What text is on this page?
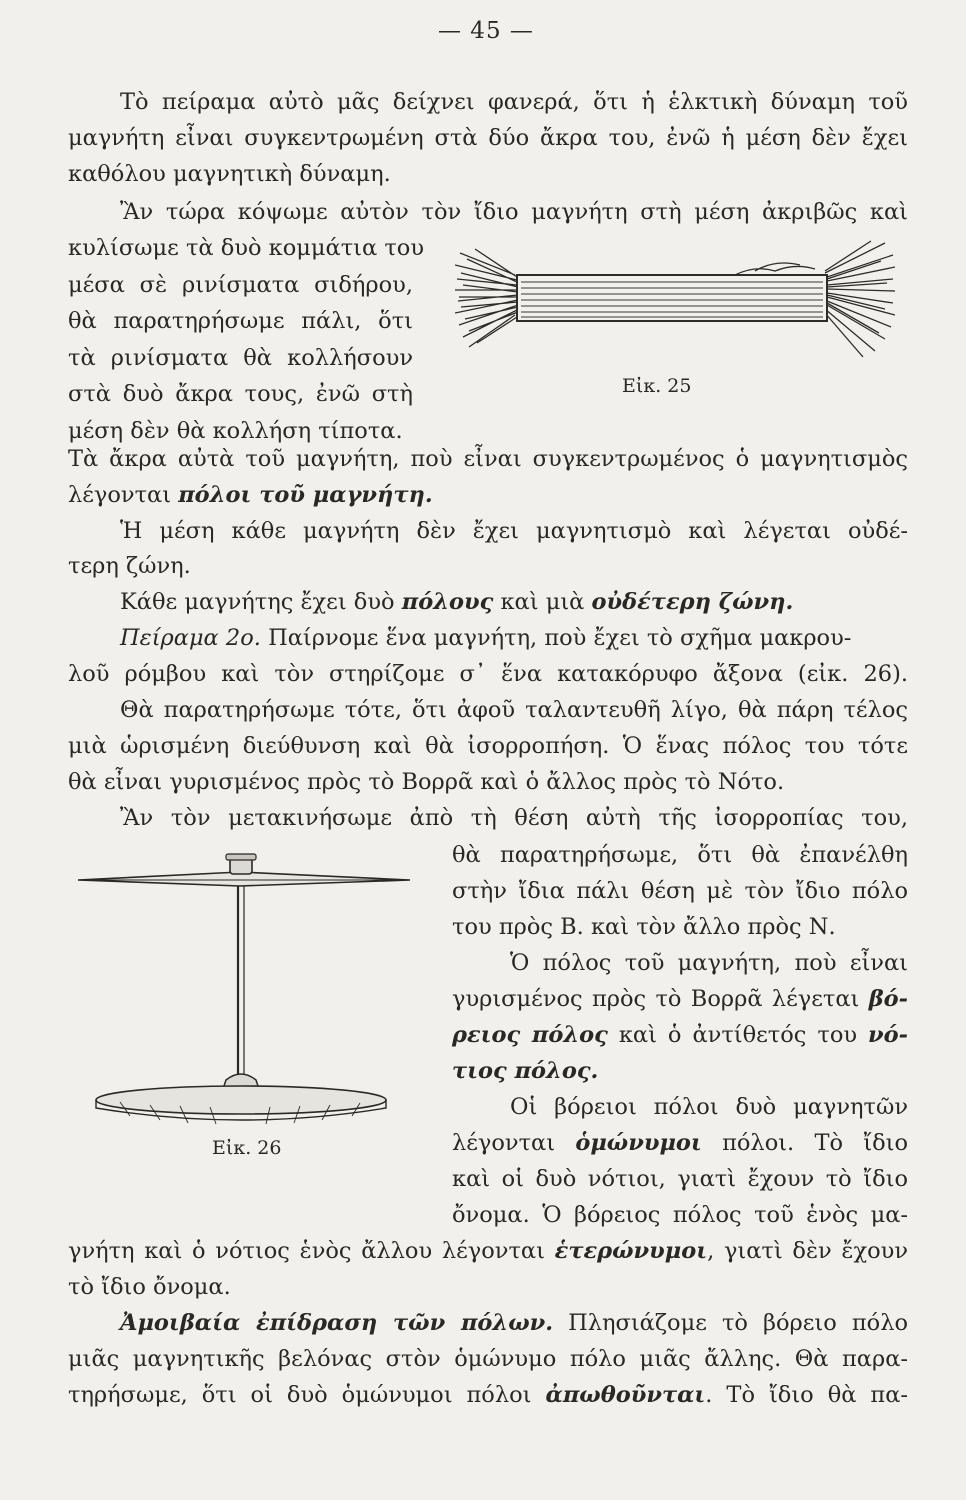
— 45 —
Τὸ πείραμα αὐτὸ μᾶς δείχνει φανερά, ὅτι ἡ ἑλκτικὴ δύναμη τοῦ
μαγνήτη εἶναι συγκεντρωμένη στὰ δύο ἄκρα του, ἐνῶ ἡ μέση δὲν ἔχει
καθόλου μαγνητικὴ δύναμη.
Ἂν τώρα κόψωμε αὐτὸν τὸν ἴδιο μαγνήτη στὴ μέση ἀκριβῶς καὶ
κυλίσωμε τὰ δυὸ κομμάτια του
μέσα σὲ ρινίσματα σιδήρου,
θὰ παρατηρήσωμε πάλι, ὅτι
τὰ ρινίσματα θὰ κολλήσουν
στὰ δυὸ ἄκρα τους, ἐνῶ στὴ
μέση δὲν θὰ κολλήση τίποτα.
Εἰκ. 25
Τὰ ἄκρα αὐτὰ τοῦ μαγνήτη, ποὺ εἶναι συγκεντρωμένος ὁ μαγνητισμὸς
λέγονται πόλοι τοῦ μαγνήτη.
Ἡ μέση κάθε μαγνήτη δὲν ἔχει μαγνητισμὸ καὶ λέγεται οὐδέ-
τερη ζώνη.
Κάθε μαγνήτης ἔχει δυὸ πόλους καὶ μιὰ οὐδέτερη ζώνη.
Πείραμα 2ο. Παίρνομε ἕνα μαγνήτη, ποὺ ἔχει τὸ σχῆμα μακρου-
λοῦ ρόμβου καὶ τὸν στηρίζομε σ᾽ ἕνα κατακόρυφο ἄξονα (εἰκ. 26).
Θὰ παρατηρήσωμε τότε, ὅτι ἀφοῦ ταλαντευθῆ λίγο, θὰ πάρη τέλος
μιὰ ὡρισμένη διεύθυνση καὶ θὰ ἰσορροπήση. Ὁ ἕνας πόλος του τότε
θὰ εἶναι γυρισμένος πρὸς τὸ Βορρᾶ καὶ ὁ ἄλλος πρὸς τὸ Νότο.
Ἂν τὸν μετακινήσωμε ἀπὸ τὴ θέση αὐτὴ τῆς ἰσορροπίας του,
θὰ παρατηρήσωμε, ὅτι θὰ ἐπανέλθη
στὴν ἴδια πάλι θέση μὲ τὸν ἴδιο πόλο
του πρὸς Β. καὶ τὸν ἄλλο πρὸς Ν.
Ὁ πόλος τοῦ μαγνήτη, ποὺ εἶναι
γυρισμένος πρὸς τὸ Βορρᾶ λέγεται βό-
ρειος πόλος καὶ ὁ ἀντίθετός του νό-
τιος πόλος.
Οἱ βόρειοι πόλοι δυὸ μαγνητῶν
λέγονται ὁμώνυμοι πόλοι. Τὸ ἴδιο
καὶ οἱ δυὸ νότιοι, γιατὶ ἔχουν τὸ ἴδιο
ὄνομα. Ὁ βόρειος πόλος τοῦ ἑνὸς μα-
Εἰκ. 26
γνήτη καὶ ὁ νότιος ἑνὸς ἄλλου λέγονται ἑτερώνυμοι, γιατὶ δὲν ἔχουν
τὸ ἴδιο ὄνομα.
Ἀμοιβαία ἐπίδραση τῶν πόλων. Πλησιάζομε τὸ βόρειο πόλο
μιᾶς μαγνητικῆς βελόνας στὸν ὁμώνυμο πόλο μιᾶς ἄλλης. Θὰ παρα-
τηρήσωμε, ὅτι οἱ δυὸ ὁμώνυμοι πόλοι ἀπωθοῦνται. Τὸ ἴδιο θὰ πα-
